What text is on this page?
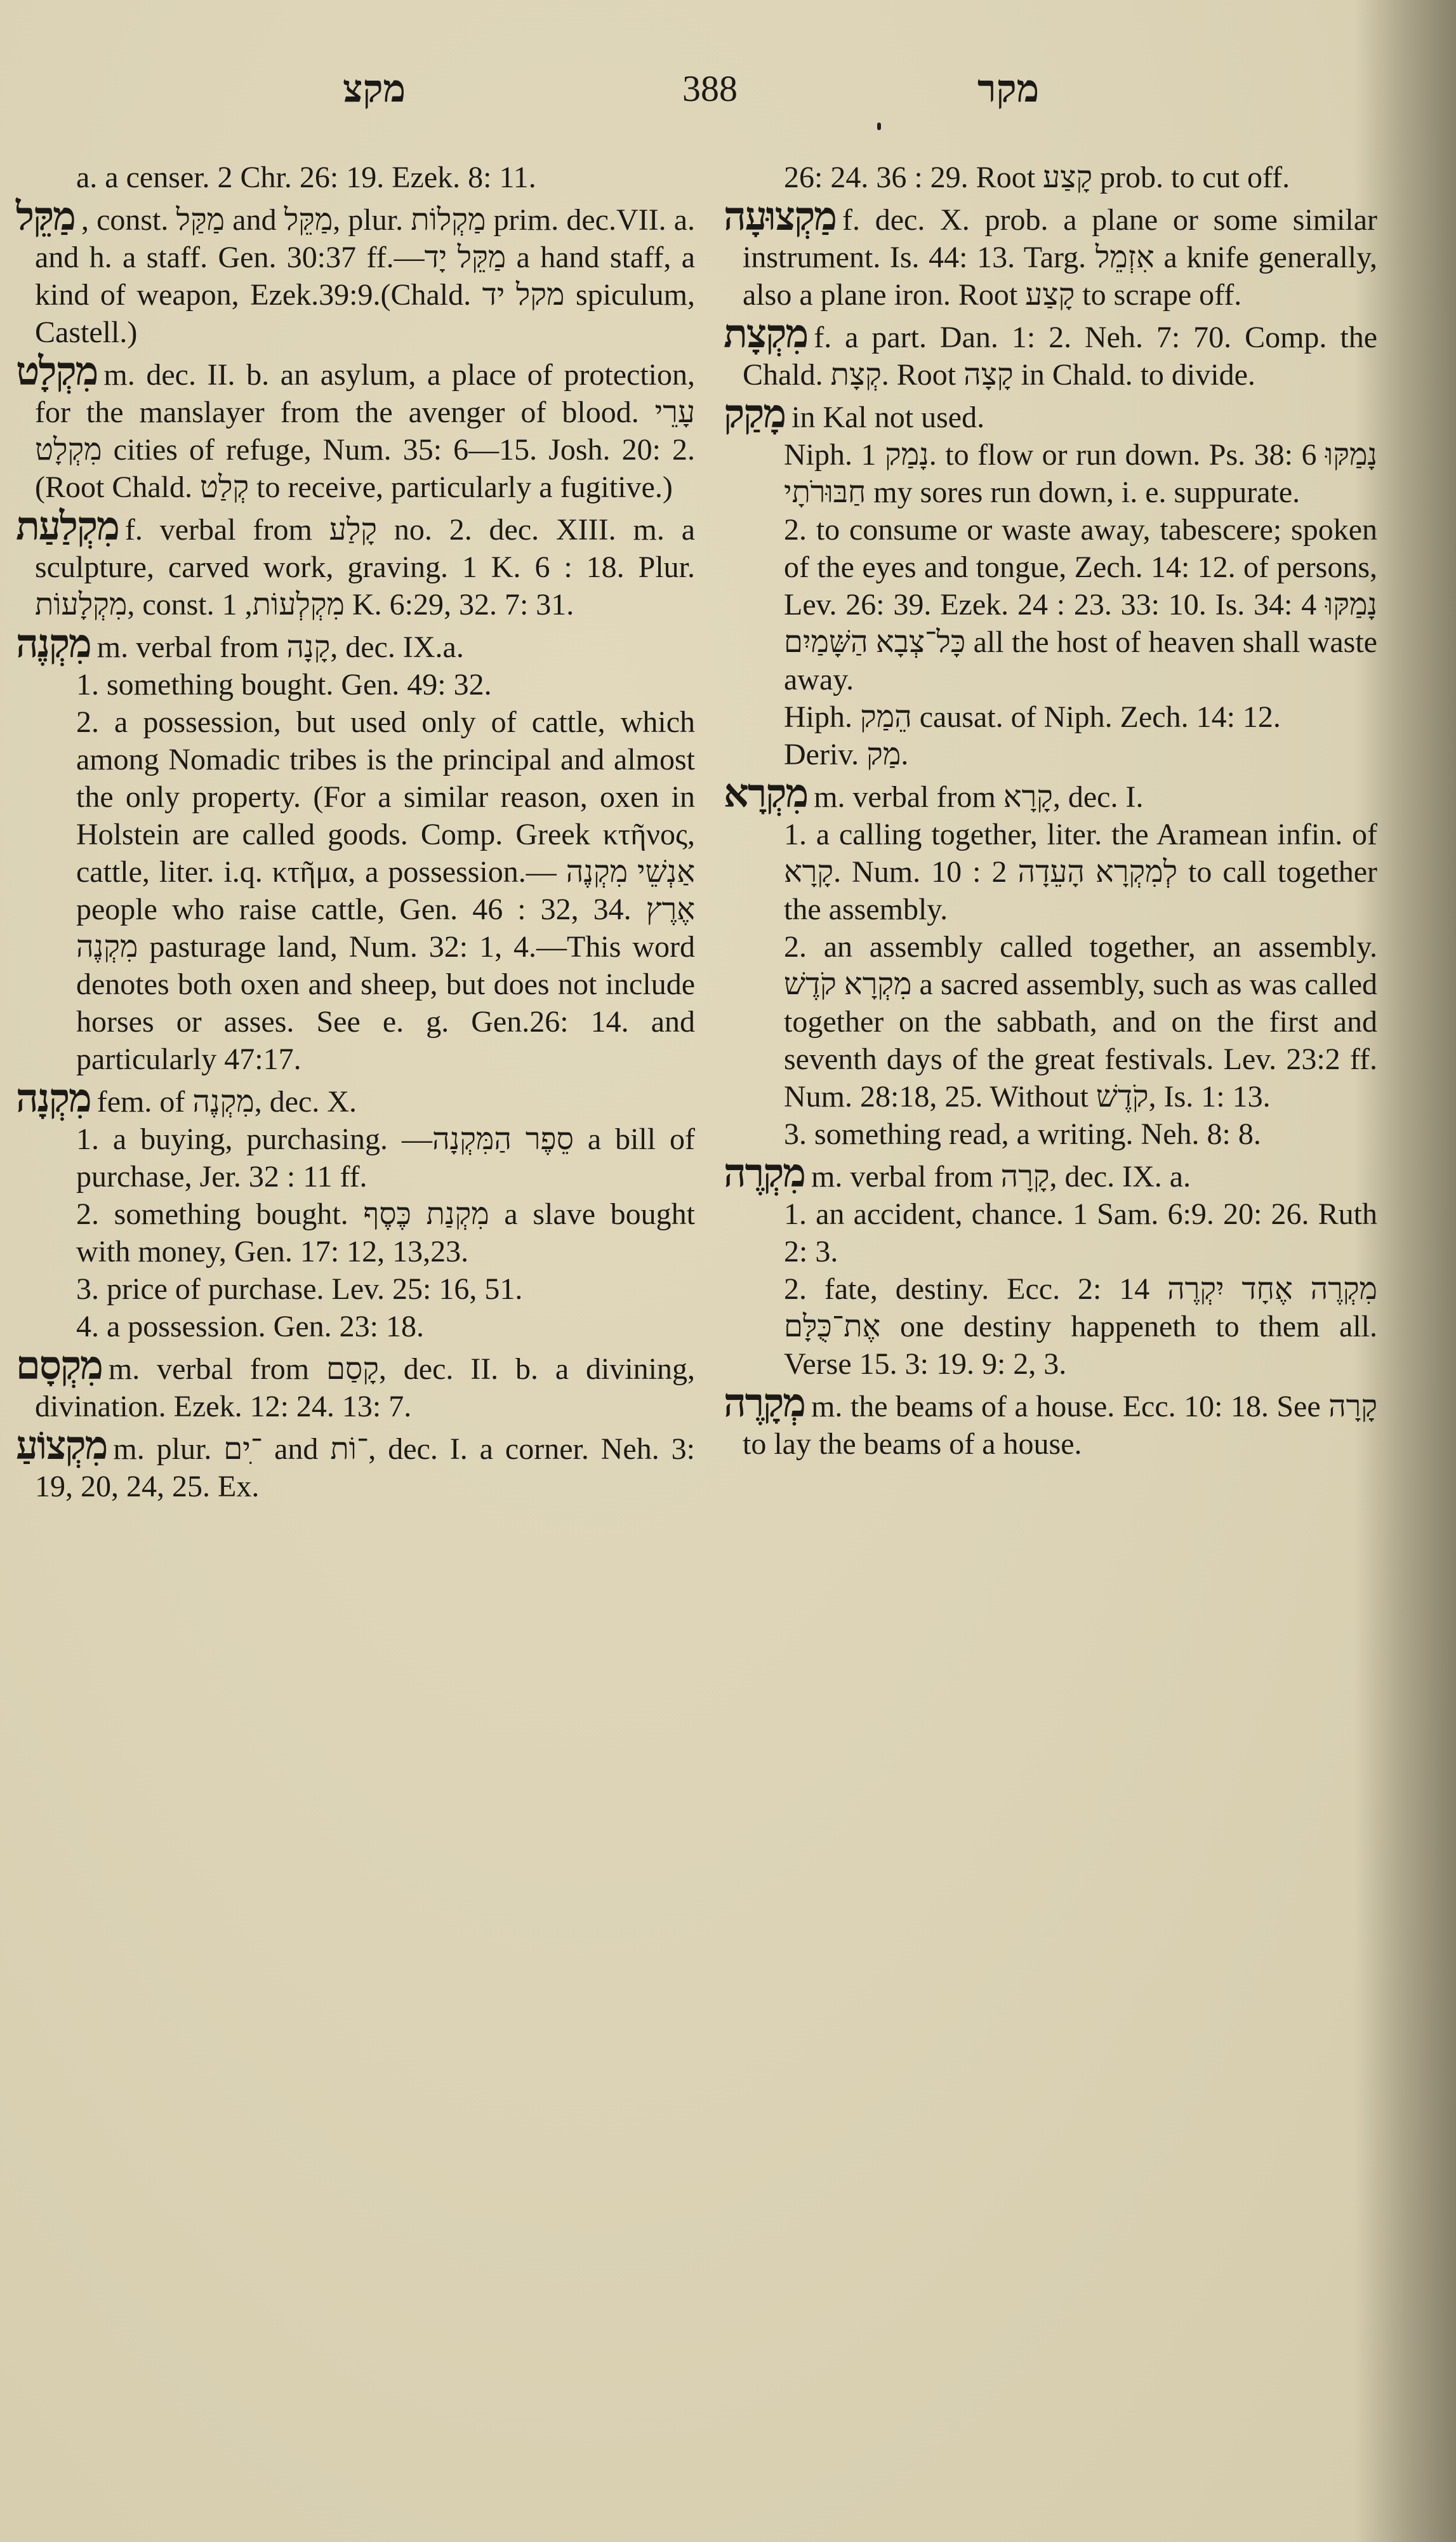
מקצ	388	מקר

a. a censer. 2 Chr. 26: 19. Ezek. 8: 11.

מַקֵּל , const. מַקַּל and מַקֵּל, plur. מַקְלוֹת prim. dec.VII. a. and h. a staff. Gen. 30:37 ff.—מַקֵּל יָד a hand staff, a kind of weapon, Ezek.39:9.(Chald. מקל יד spiculum, Castell.)
מִקְלָט m. dec. II. b. an asylum, a place of protection, for the manslayer from the avenger of blood. עָרֵי מִקְלָט cities of refuge, Num. 35: 6—15. Josh. 20: 2. (Root Chald. קְלַט to receive, particularly a fugitive.)
מִקְלַעַת f. verbal from קָלַע no. 2. dec. XIII. m. a sculpture, carved work, graving. 1 K. 6 : 18. Plur. מִקְלָעוֹת, const. מִקְלְעוֹת, 1 K. 6:29, 32. 7: 31.
מִקְנֶה m. verbal from קָנָה, dec. IX.a.

1. something bought. Gen. 49: 32.

2. a possession, but used only of cattle, which among Nomadic tribes is the principal and almost the only property. (For a similar reason, oxen in Holstein are called goods. Comp. Greek κτῆνος, cattle, liter. i.q. κτῆμα, a possession.— אַנְשֵׁי מִקְנֶה people who raise cattle, Gen. 46 : 32, 34. אֶרֶץ מִקְנֶה pasturage land, Num. 32: 1, 4.—This word denotes both oxen and sheep, but does not include horses or asses. See e. g. Gen.26: 14. and particularly 47:17.

מִקְנָה fem. of מִקְנֶה, dec. X.

1. a buying, purchasing. —סֵפֶר הַמִּקְנָה a bill of purchase, Jer. 32 : 11 ff.

2. something bought. מִקְנַת כֶּסֶף a slave bought with money, Gen. 17: 12, 13,23.

3. price of purchase. Lev. 25: 16, 51.

4. a possession. Gen. 23: 18.

מִקְסָם m. verbal from קָסַם, dec. II. b. a divining, divination. Ezek. 12: 24. 13: 7.
מִקְצוֹעַ m. plur. ־ִים and ־וֹת, dec. I. a corner. Neh. 3: 19, 20, 24, 25. Ex.

26: 24. 36 : 29. Root קָצַע prob. to cut off.

מַקְצוּעָה f. dec. X. prob. a plane or some similar instrument. Is. 44: 13. Targ. אִזְמֵל a knife generally, also a plane iron. Root קָצַע to scrape off.
מִקְצָת f. a part. Dan. 1: 2. Neh. 7: 70. Comp. the Chald. קְצָת. Root קָצָה in Chald. to divide.
מָקַק in Kal not used.

Niph. נָמַק 1. to flow or run down. Ps. 38: 6 נָמַקּוּ חַבּוּרֹתָי my sores run down, i. e. suppurate.

2. to consume or waste away, tabescere; spoken of the eyes and tongue, Zech. 14: 12. of persons, Lev. 26: 39. Ezek. 24 : 23. 33: 10. Is. 34: 4 נָמַקּוּ כָּל־צְבָא הַשָּׁמַיִם all the host of heaven shall waste away.

Hiph. הֵמַק causat. of Niph. Zech. 14: 12.

Deriv. מַק.

מִקְרָא m. verbal from קָרָא, dec. I.

1. a calling together, liter. the Aramean infin. of קָרָא. Num. 10 : 2 לְמִקְרָא הָעֵדָה to call together the assembly.

2. an assembly called together, an assembly. מִקְרָא קֹדֶשׁ a sacred assembly, such as was called together on the sabbath, and on the first and seventh days of the great festivals. Lev. 23:2 ff. Num. 28:18, 25. Without קֹדֶשׁ, Is. 1: 13.

3. something read, a writing. Neh. 8: 8.

מִקְרֶה m. verbal from קָרָה, dec. IX. a.

1. an accident, chance. 1 Sam. 6:9. 20: 26. Ruth 2: 3.

2. fate, destiny. Ecc. 2: 14 מִקְרֶה אֶחָד יִקְרֶה אֶת־כֻּלָּם one destiny happeneth to them all. Verse 15. 3: 19. 9: 2, 3.

מְקָרֶה m. the beams of a house. Ecc. 10: 18. See קָרָה to lay the beams of a house.
